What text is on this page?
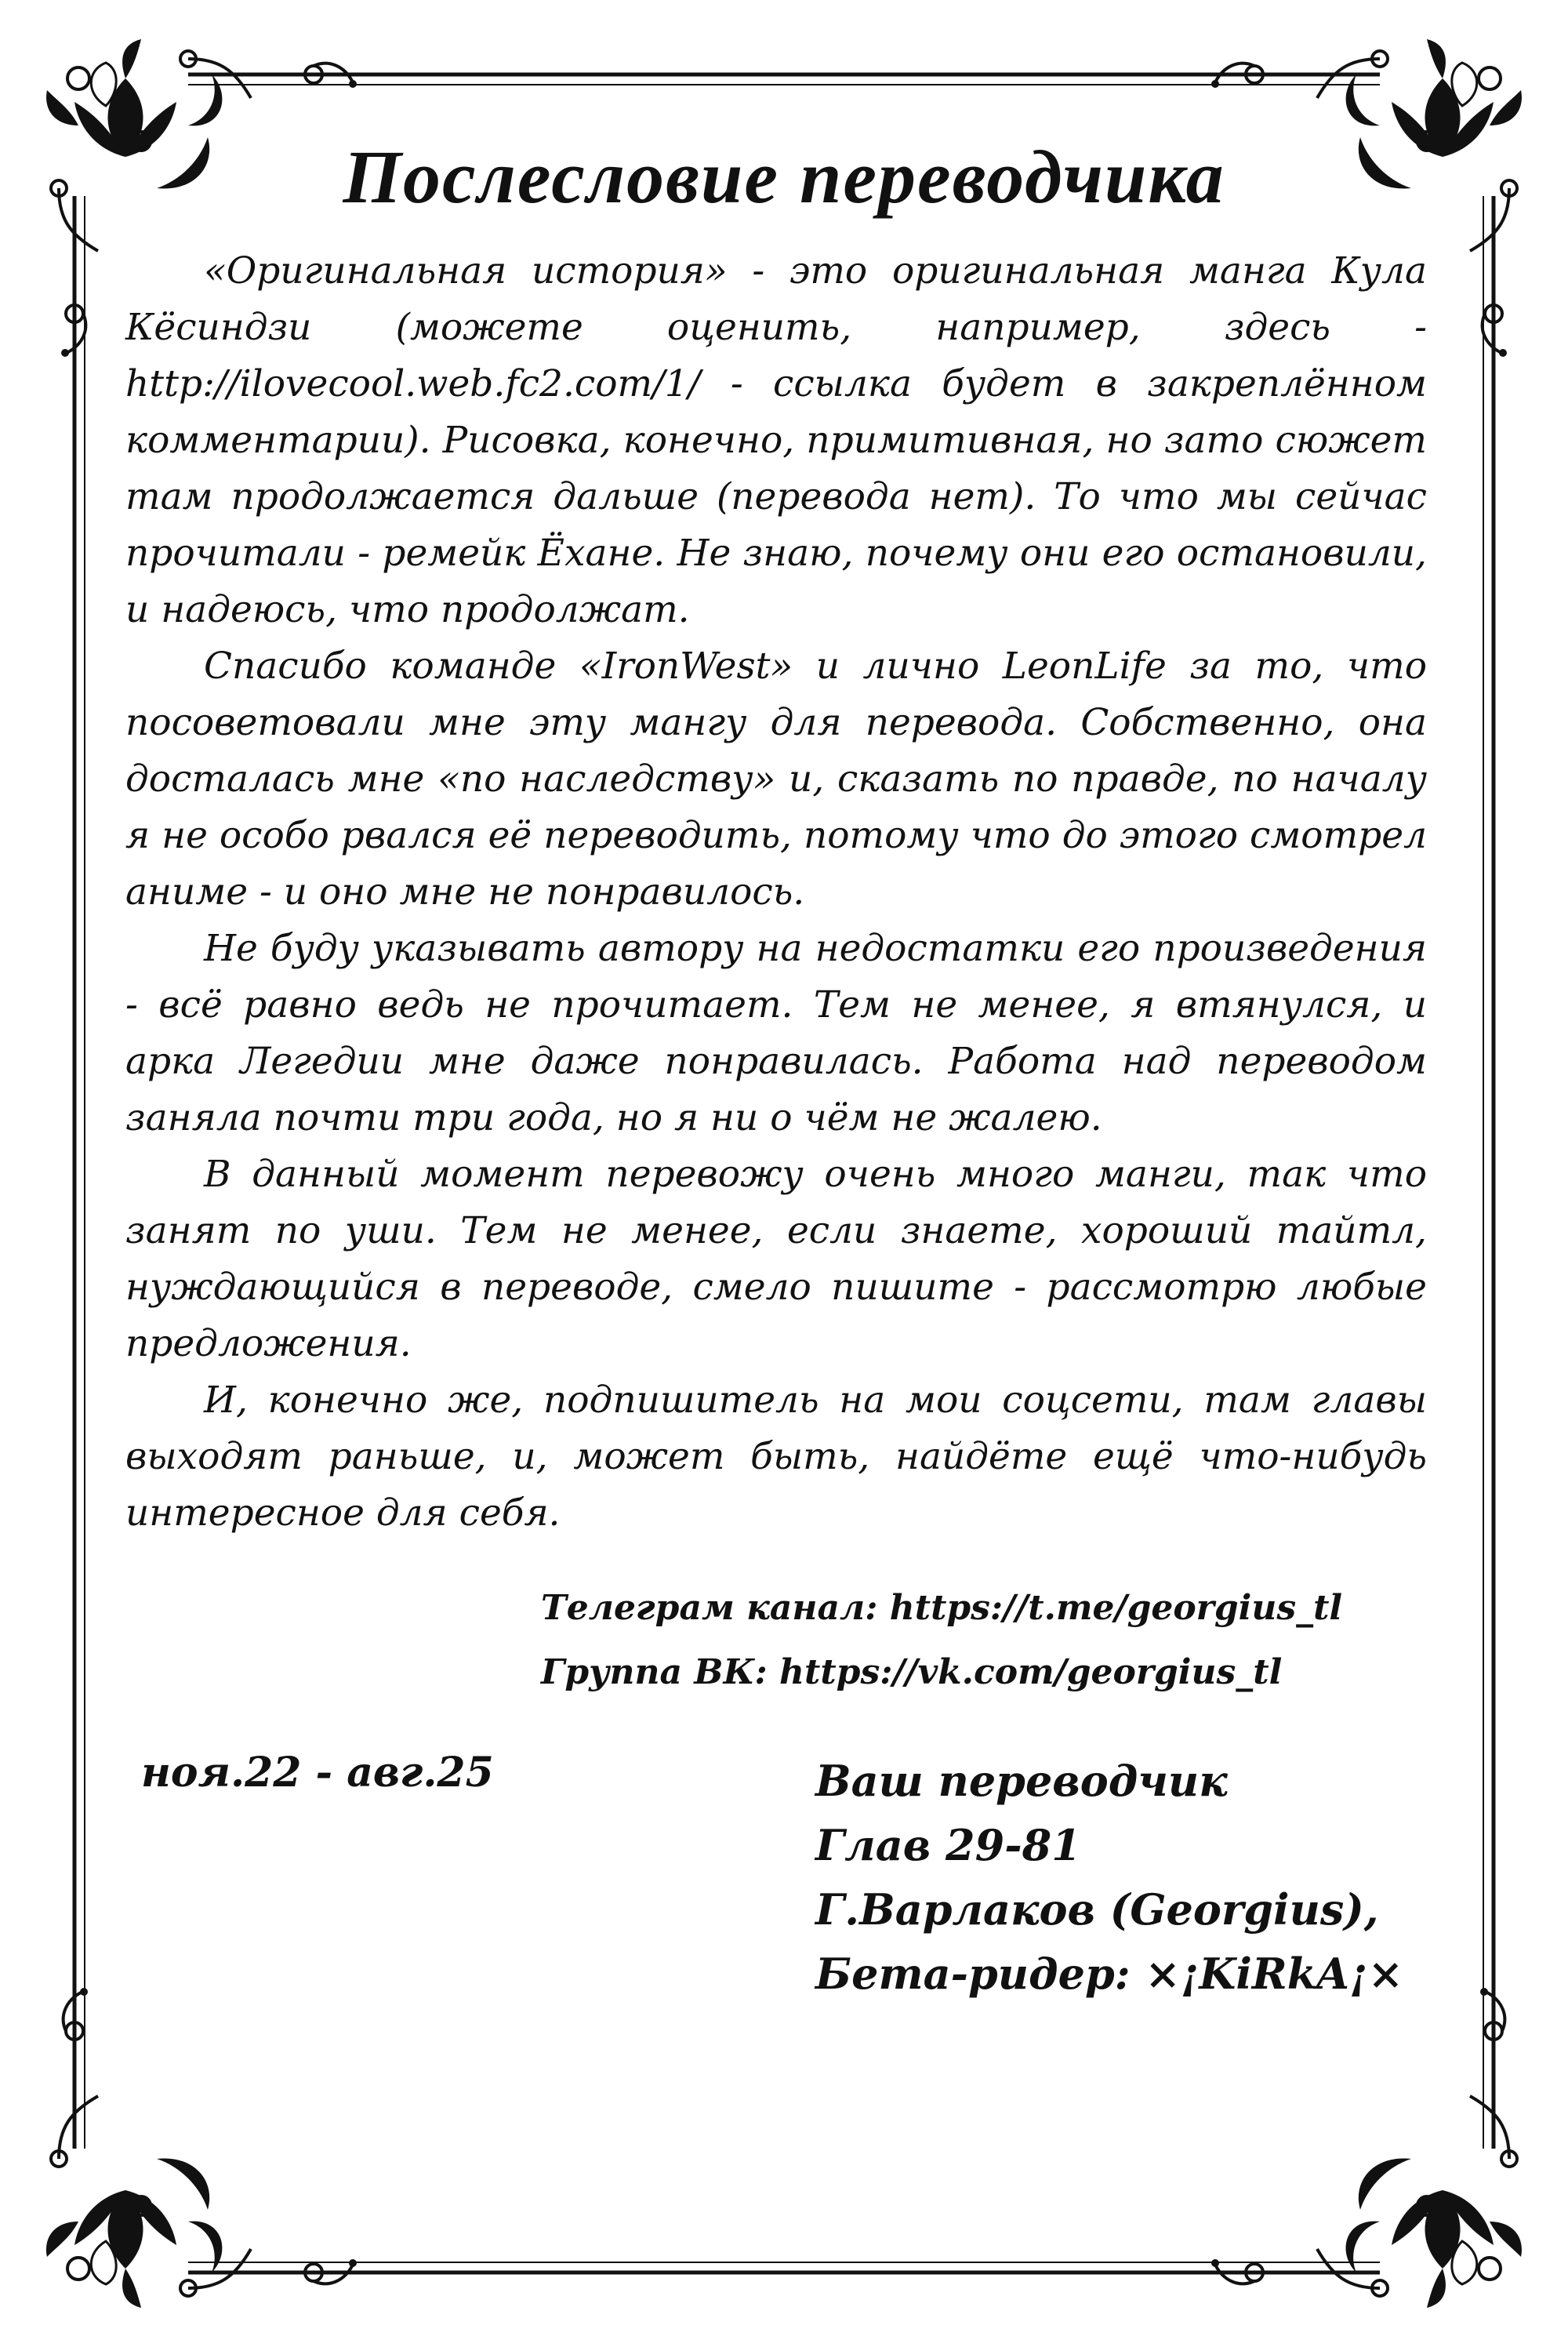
Послесловие переводчика

«Оригинальная история» - это оригинальная манга Кула Кёсиндзи (можете оценить, например, здесь - http://ilovecool.web.fc2.com/1/ - ссылка будет в закреплённом комментарии). Рисовка, конечно, примитивная, но зато сюжет там продолжается дальше (перевода нет). То что мы сейчас прочитали - ремейк Ёхане. Не знаю, почему они его остановили, и надеюсь, что продолжат.

Спасибо команде «IronWest» и лично LeonLife за то, что посоветовали мне эту мангу для перевода. Собственно, она досталась мне «по наследству» и, сказать по правде, по началу я не особо рвался её переводить, потому что до этого смотрел аниме - и оно мне не понравилось.

Не буду указывать автору на недостатки его произведения - всё равно ведь не прочитает. Тем не менее, я втянулся, и арка Легедии мне даже понравилась. Работа над переводом заняла почти три года, но я ни о чём не жалею.

В данный момент перевожу очень много манги, так что занят по уши. Тем не менее, если знаете, хороший тайтл, нуждающийся в переводе, смело пишите - рассмотрю любые предложения.

И, конечно же, подпишитель на мои соцсети, там главы выходят раньше, и, может быть, найдёте ещё что-нибудь интересное для себя.

Телеграм канал: https://t.me/georgius_tl
Группа ВК: https://vk.com/georgius_tl
ноя.22 - авг.25	Ваш переводчик
Глав 29-81
Г.Варлаков (Georgius),
Бета-ридер: ×¡KiRkA¡×
